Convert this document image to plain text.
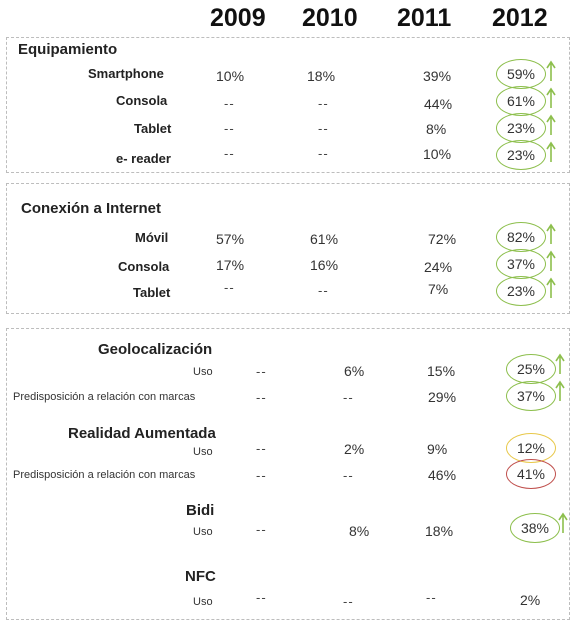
2009 2010 2011 2012
Equipamiento
Smartphone	10%	18%	39%	59%
Consola	--	--	44%	61%
Tablet	--	--	8%	23%
e- reader	--	--	10%	23%
Conexión a Internet
Móvil	57%	61%	72%	82%
Consola	17%	16%	24%	37%
Tablet	--	--	7%	23%
Geolocalización
Uso	--	6%	15%	25%
Predisposición a relación con marcas	--	--	29%	37%
Realidad Aumentada
Uso	--	2%	9%	12%
Predisposición a relación con marcas	--	--	46%	41%
Bidi
Uso	--	8%	18%	38%
NFC
Uso	--	--	--	2%
